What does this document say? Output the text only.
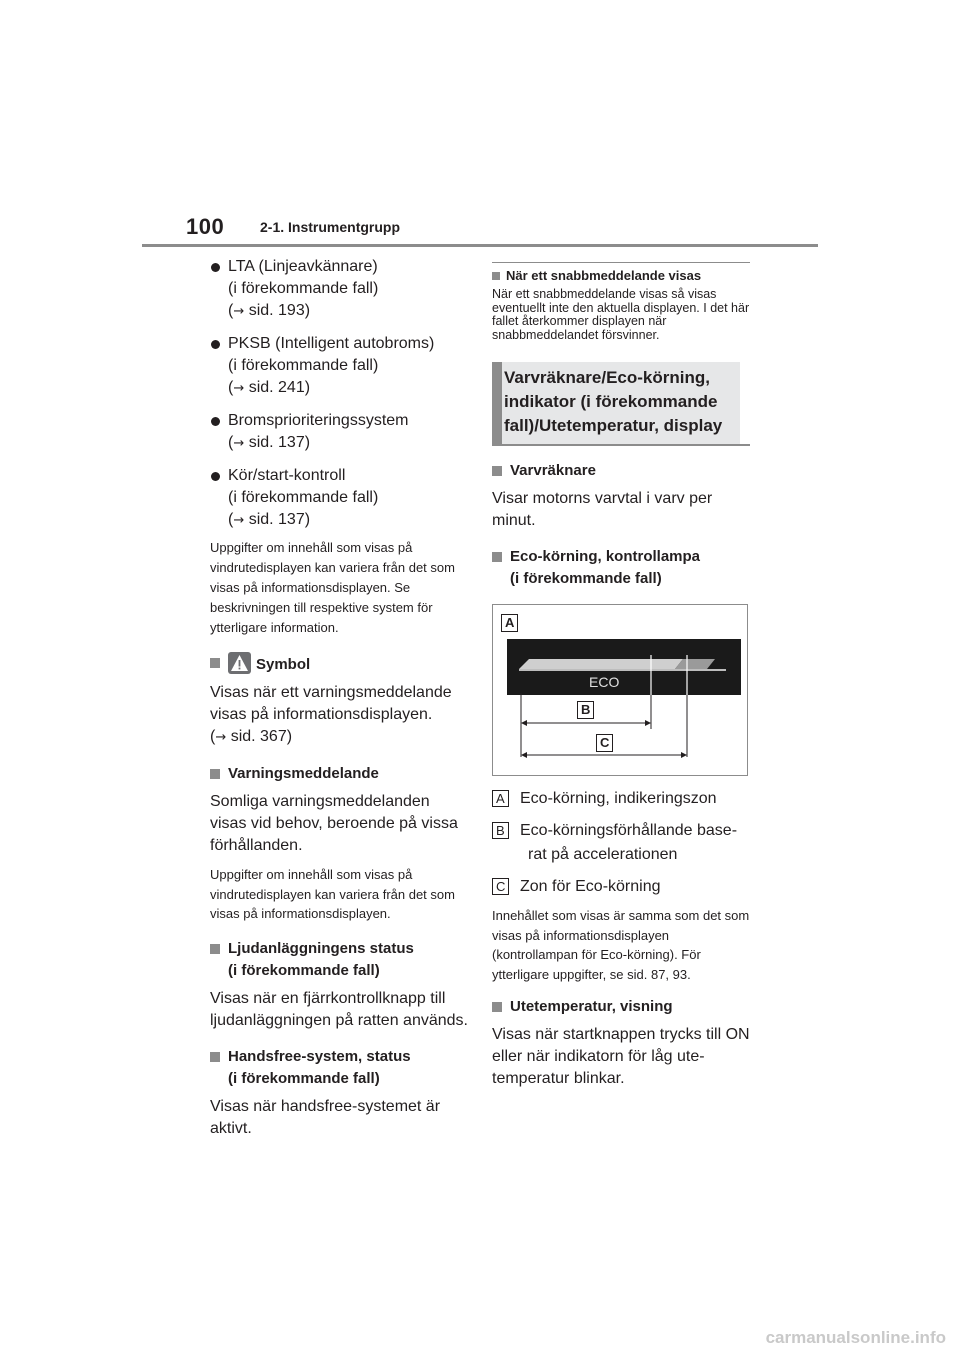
100	2-1. Instrumentgrupp
LTA (Linjeavkännare)
(i förekommande fall)
(→ sid. 193)
PKSB (Intelligent autobroms)
(i förekommande fall)
(→ sid. 241)
Bromsprioriteringssystem
(→ sid. 137)
Kör/start-kontroll
(i förekommande fall)
(→ sid. 137)
Uppgifter om innehåll som visas på vindrutedisplayen kan variera från det som visas på informationsdisplayen. Se beskrivningen till respektive system för ytterligare information.
Symbol
Visas när ett varningsmeddelande visas på informationsdisplayen.
(→ sid. 367)
Varningsmeddelande
Somliga varningsmeddelanden visas vid behov, beroende på vissa förhållanden.
Uppgifter om innehåll som visas på vindrutedisplayen kan variera från det som visas på informationsdisplayen.
Ljudanläggningens status
(i förekommande fall)
Visas när en fjärrkontrollknapp till ljudanläggningen på ratten används.
Handsfree-system, status
(i förekommande fall)
Visas när handsfree-systemet är aktivt.
När ett snabbmeddelande visas
När ett snabbmeddelande visas så visas eventuellt inte den aktuella displayen. I det här fallet återkommer displayen när snabbmeddelandet försvinner.
Varvräknare/Eco-körning,
indikator (i förekommande
fall)/Utetemperatur, display
Varvräknare
Visar motorns varvtal i varv per minut.
Eco-körning, kontrollampa
(i förekommande fall)
A
ECO
B
C
A Eco-körning, indikeringszon
B Eco-körningsförhållande base-
rat på accelerationen
C Zon för Eco-körning
Innehållet som visas är samma som det som visas på informationsdisplayen (kontrollampan för Eco-körning). För ytterligare uppgifter, se sid. 87, 93.
Utetemperatur, visning
Visas när startknappen trycks till ON eller när indikatorn för låg ute-temperatur blinkar.
carmanualsonline.info
